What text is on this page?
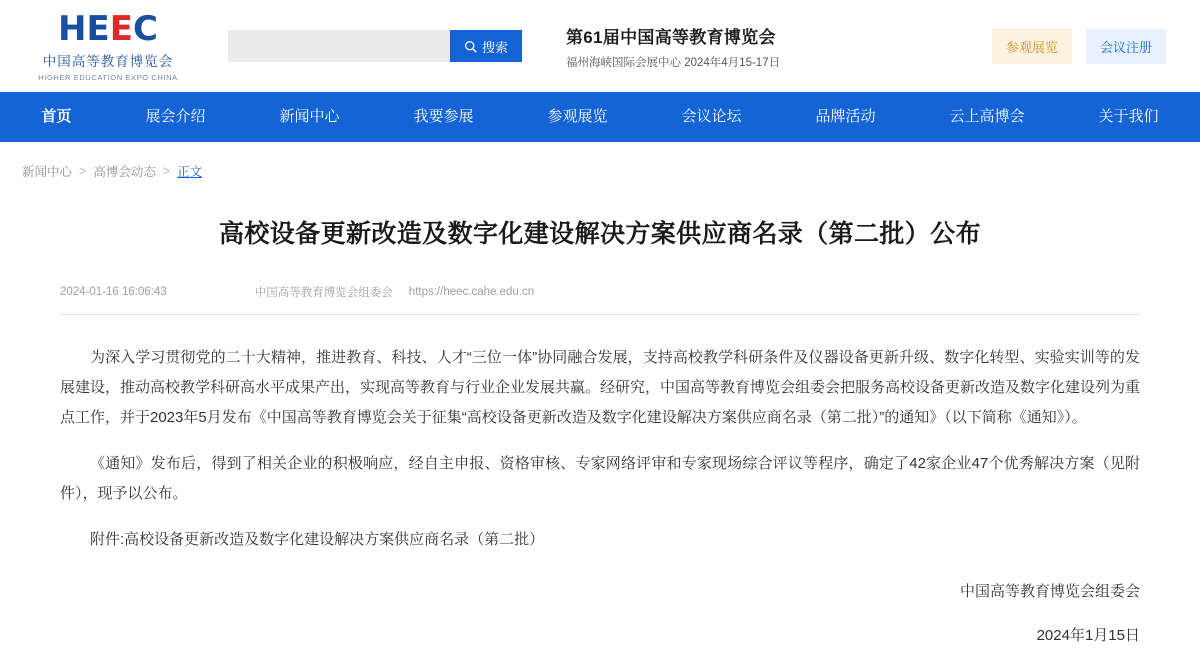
H E E C
中国高等教育博览会
HIGHER EDUCATION EXPO CHINA
搜索
第61届中国高等教育博览会
福州海峡国际会展中心 2024年4月15-17日
参观展览	会议注册
首页	展会介绍	新闻中心	我要参展	参观展览	会议论坛	品牌活动	云上高博会	关于我们
新闻中心 > 高博会动态 > 正文
高校设备更新改造及数字化建设解决方案供应商名录（第二批）公布
2024-01-16 16:06:43	中国高等教育博览会组委会 https://heec.cahe.edu.cn

为深入学习贯彻党的二十大精神，推进教育、科技、人才“三位一体”协同融合发展，支持高校教学科研条件及仪器设备更新升级、数字化转型、实验实训等的发展建设，推动高校教学科研高水平成果产出，实现高等教育与行业企业发展共赢。经研究，中国高等教育博览会组委会把服务高校设备更新改造及数字化建设列为重点工作，并于2023年5月发布《中国高等教育博览会关于征集“高校设备更新改造及数字化建设解决方案供应商名录（第二批）”的通知》（以下简称《通知》）。

《通知》发布后，得到了相关企业的积极响应，经自主申报、资格审核、专家网络评审和专家现场综合评议等程序，确定了42家企业47个优秀解决方案（见附件），现予以公布。

附件:高校设备更新改造及数字化建设解决方案供应商名录（第二批）
中国高等教育博览会组委会
2024年1月15日
